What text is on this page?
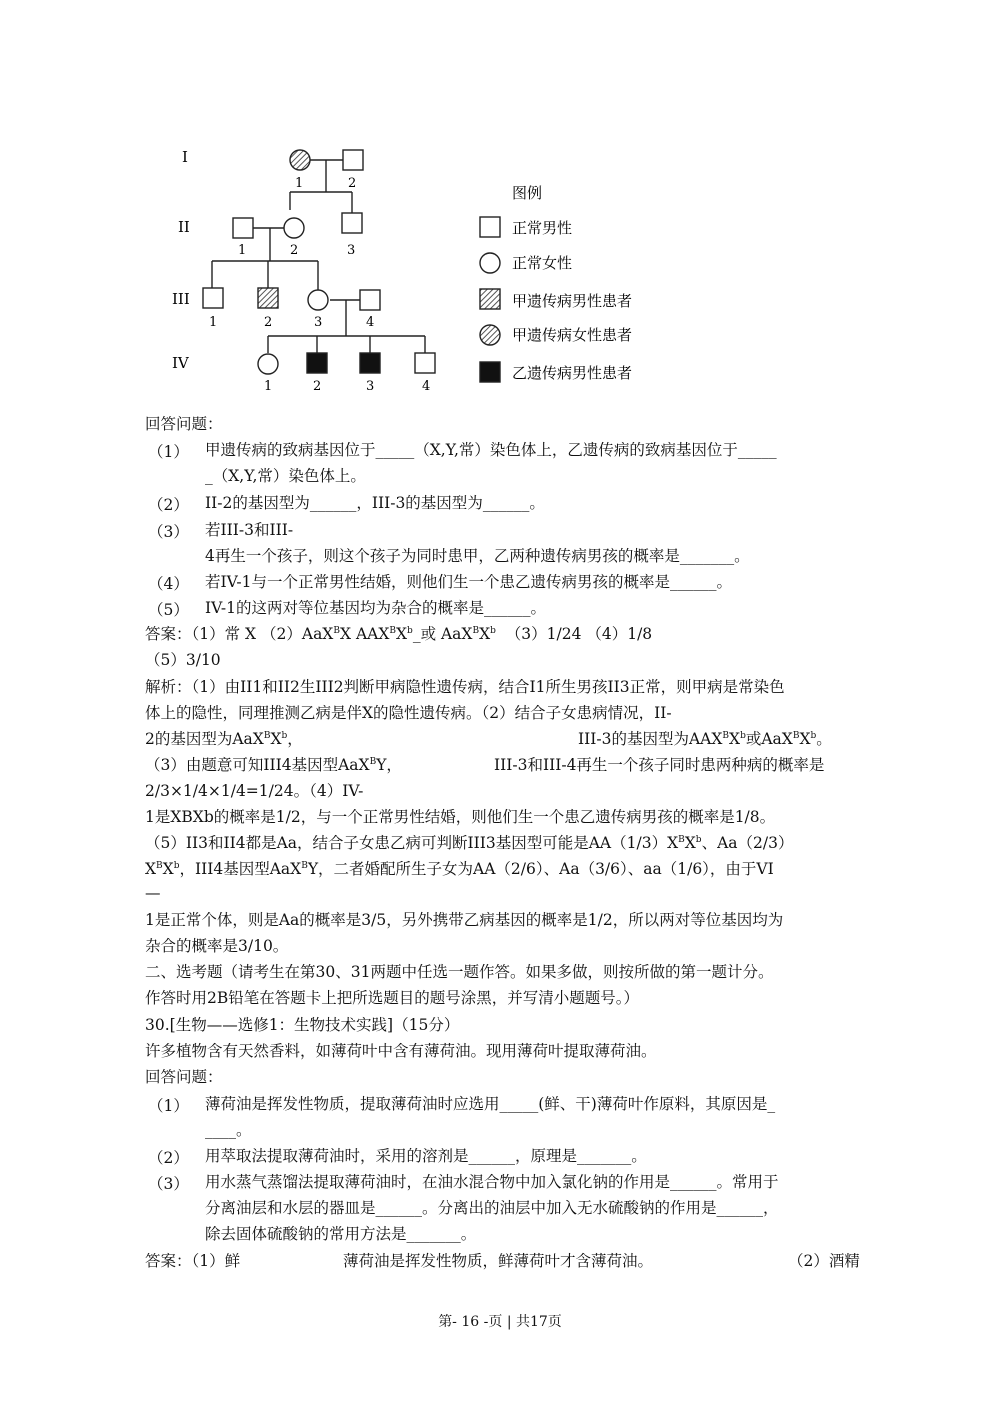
I
II
III
IV
1	2
1	2	3
1	2	3	4
1	2	3	4
图例
正常男性
正常女性
甲遗传病男性患者
甲遗传病女性患者
乙遗传病男性患者
回答问题：
（1） 甲遗传病的致病基因位于_____（X,Y,常）染色体上，乙遗传病的致病基因位于_____
_（X,Y,常）染色体上。
（2） II-2的基因型为______，III-3的基因型为______。
（3） 若III-3和III-
4再生一个孩子，则这个孩子为同时患甲，乙两种遗传病男孩的概率是_______。
（4） 若IV-1与一个正常男性结婚，则他们生一个患乙遗传病男孩的概率是______。
（5） IV-1的这两对等位基因均为杂合的概率是______。
答案：（1）常 X （2）AaX$^B$X $AAX^BX^b\_$或 $AaX^BX^b$ （3）1/24 （4）1/8
（5）3/10
解析：（1）由II1和II2生III2判断甲病隐性遗传病，结合I1所生男孩II3正常，则甲病是常染色
体上的隐性，同理推测乙病是伴X的隐性遗传病。（2）结合子女患病情况，II-
2的基因型为$AaX^BX^b$，	III-3的基因型为$AAX^BX^b$或$AaX^BX^b$。
（3）由题意可知III4基因型AaX$^B$Y，	III-3和III-4再生一个孩子同时患两种病的概率是
2/3×1/4×1/4=1/24。（4）IV-
1是XBXb的概率是1/2，与一个正常男性结婚，则他们生一个患乙遗传病男孩的概率是1/8。
（5）II3和II4都是Aa，结合子女患乙病可判断III3基因型可能是$AA(1/3)X^BX^b$、Aa（2/3）
$X^BX^b$，III4基因型AaX$^B$Y，二者婚配所生子女为AA（2/6）、Aa（3/6）、aa（1/6），由于VI
—
1是正常个体，则是Aa的概率是3/5，另外携带乙病基因的概率是1/2，所以两对等位基因均为
杂合的概率是3/10。
二、选考题（请考生在第30、31两题中任选一题作答。如果多做，则按所做的第一题计分。
作答时用2B铅笔在答题卡上把所选题目的题号涂黑，并写清小题题号。）
30.[生物——选修1：生物技术实践]（15分）
许多植物含有天然香料，如薄荷叶中含有薄荷油。现用薄荷叶提取薄荷油。
回答问题：
（1） 薄荷油是挥发性物质，提取薄荷油时应选用_____(鲜、干)薄荷叶作原料，其原因是_
____。
（2） 用萃取法提取薄荷油时，采用的溶剂是______，原理是_______。
（3） 用水蒸气蒸馏法提取薄荷油时，在油水混合物中加入氯化钠的作用是______。常用于
分离油层和水层的器皿是______。分离出的油层中加入无水硫酸钠的作用是______，
除去固体硫酸钠的常用方法是_______。
答案：（1）鲜	薄荷油是挥发性物质，鲜薄荷叶才含薄荷油。	（2）酒精
第- 16 -页 | 共17页
